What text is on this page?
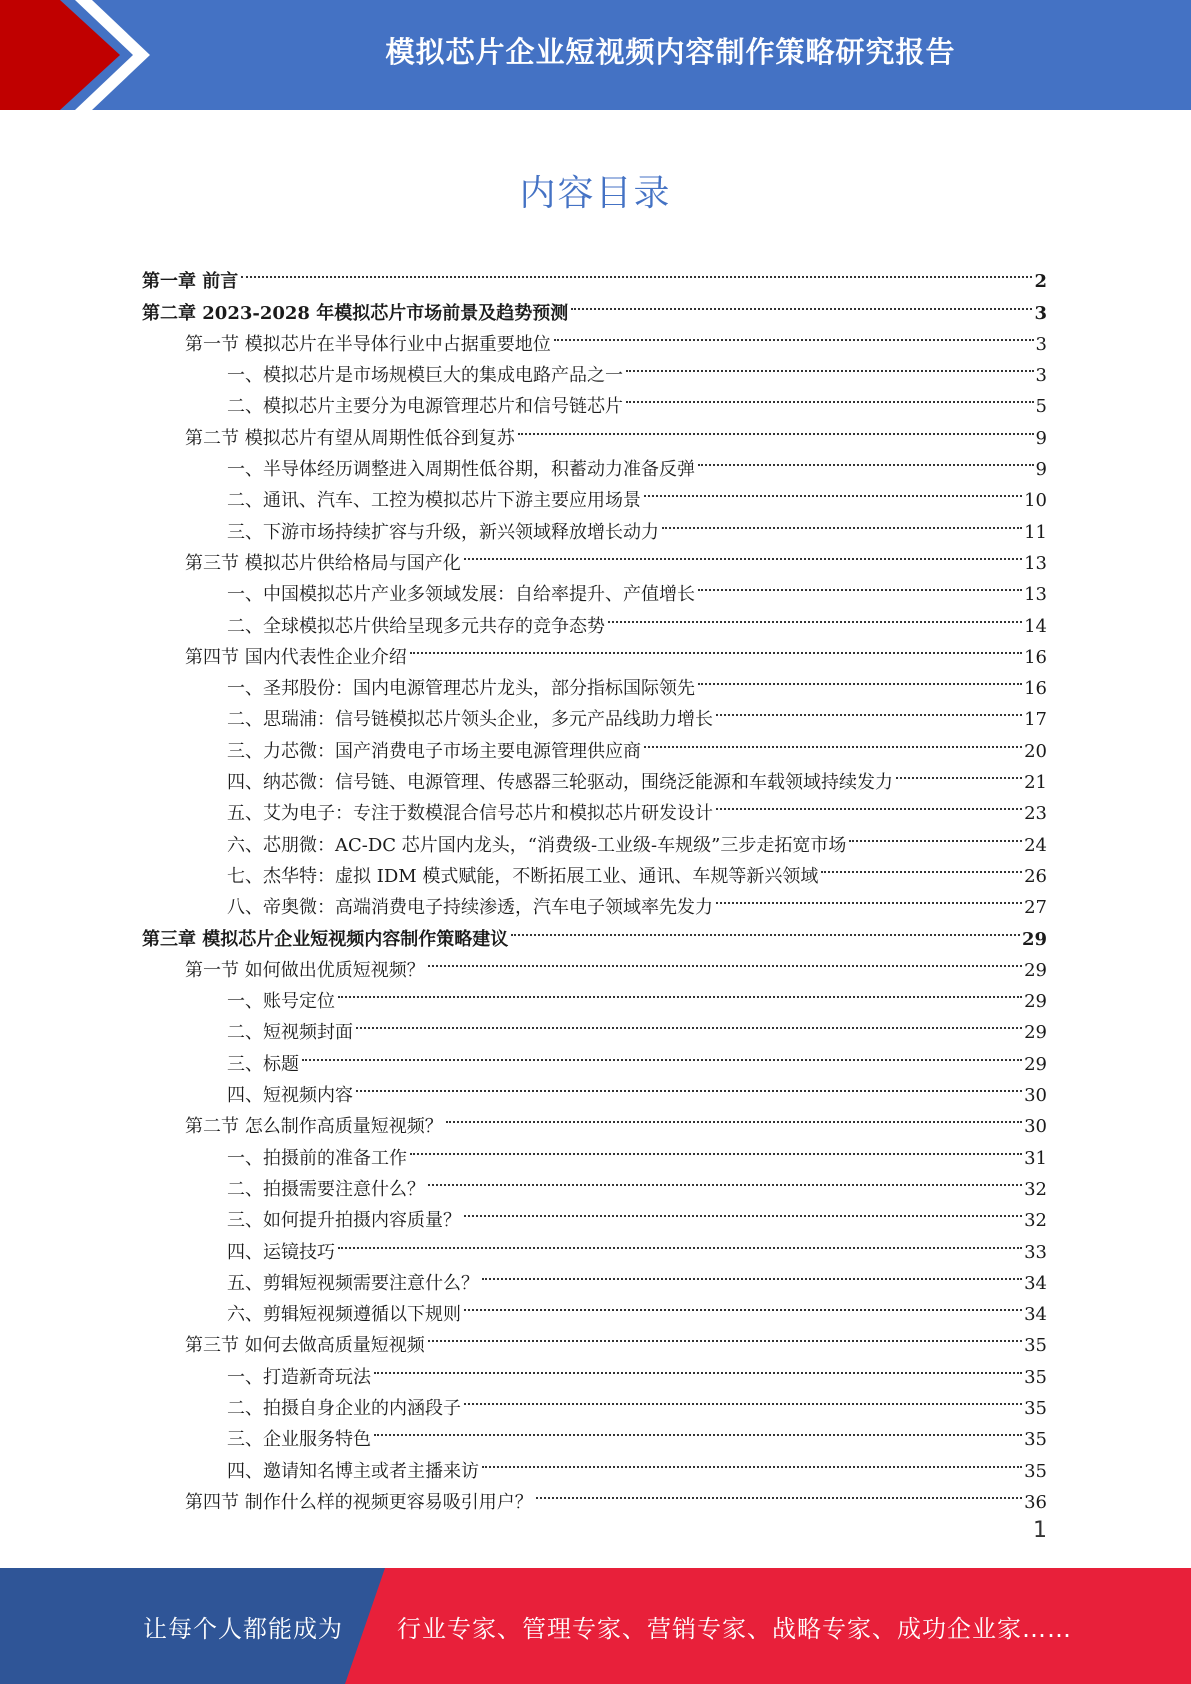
模拟芯片企业短视频内容制作策略研究报告
内容目录
第一章 前言	2
第二章 2023-2028 年模拟芯片市场前景及趋势预测	3
第一节 模拟芯片在半导体行业中占据重要地位	3
一、模拟芯片是市场规模巨大的集成电路产品之一	3
二、模拟芯片主要分为电源管理芯片和信号链芯片	5
第二节 模拟芯片有望从周期性低谷到复苏	9
一、半导体经历调整进入周期性低谷期，积蓄动力准备反弹	9
二、通讯、汽车、工控为模拟芯片下游主要应用场景	10
三、下游市场持续扩容与升级，新兴领域释放增长动力	11
第三节 模拟芯片供给格局与国产化	13
一、中国模拟芯片产业多领域发展：自给率提升、产值增长	13
二、全球模拟芯片供给呈现多元共存的竞争态势	14
第四节 国内代表性企业介绍	16
一、圣邦股份：国内电源管理芯片龙头，部分指标国际领先	16
二、思瑞浦：信号链模拟芯片领头企业，多元产品线助力增长	17
三、力芯微：国产消费电子市场主要电源管理供应商	20
四、纳芯微：信号链、电源管理、传感器三轮驱动，围绕泛能源和车载领域持续发力	21
五、艾为电子：专注于数模混合信号芯片和模拟芯片研发设计	23
六、芯朋微：AC-DC 芯片国内龙头，“消费级-工业级-车规级”三步走拓宽市场	24
七、杰华特：虚拟 IDM 模式赋能，不断拓展工业、通讯、车规等新兴领域	26
八、帝奥微：高端消费电子持续渗透，汽车电子领域率先发力	27
第三章 模拟芯片企业短视频内容制作策略建议	29
第一节 如何做出优质短视频？	29
一、账号定位	29
二、短视频封面	29
三、标题	29
四、短视频内容	30
第二节 怎么制作高质量短视频？	30
一、拍摄前的准备工作	31
二、拍摄需要注意什么？	32
三、如何提升拍摄内容质量？	32
四、运镜技巧	33
五、剪辑短视频需要注意什么？	34
六、剪辑短视频遵循以下规则	34
第三节 如何去做高质量短视频	35
一、打造新奇玩法	35
二、拍摄自身企业的内涵段子	35
三、企业服务特色	35
四、邀请知名博主或者主播来访	35
第四节 制作什么样的视频更容易吸引用户？	36
1
让每个人都能成为 行业专家、管理专家、营销专家、战略专家、成功企业家……
